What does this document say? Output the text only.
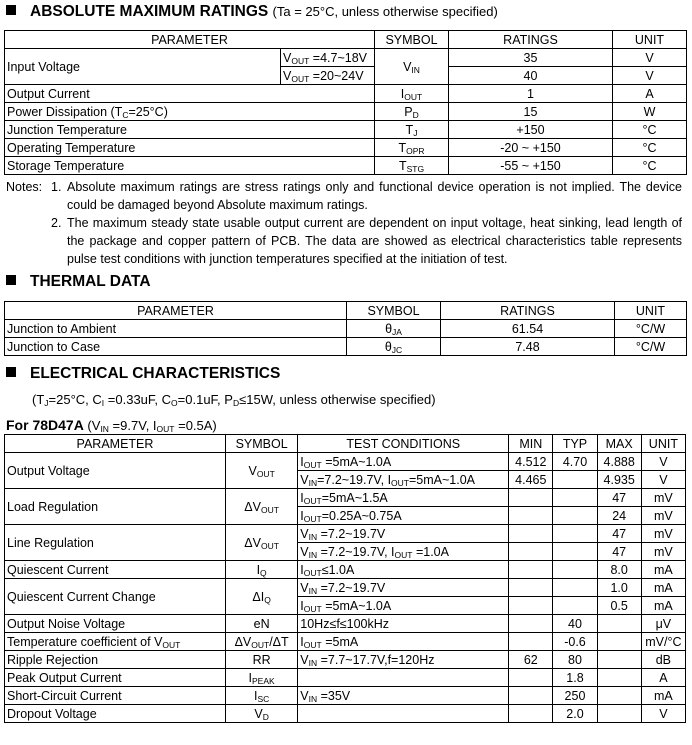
ABSOLUTE MAXIMUM RATINGS (Ta = 25°C, unless otherwise specified)
PARAMETER		SYMBOL	RATINGS	UNIT
Input Voltage	$V_{OUT}$ =4.7~18V	$V_{IN}$	35	V
	$V_{OUT}$ =20~24V		40	V
Output Current		$I_{OUT}$	1	A
Power Dissipation $(T_C=25^\circ C)$		$P_D$	15	W
Junction Temperature		$T_J$	+150	°C
Operating Temperature		$T_{OPR}$	-20 ~ +150	°C
Storage Temperature		$T_{STG}$	-55 ~ +150	°C
Notes: 1. Absolute maximum ratings are stress ratings only and functional device operation is not implied. The device could be damaged beyond Absolute maximum ratings.
2. The maximum steady state usable output current are dependent on input voltage, heat sinking, lead length of the package and copper pattern of PCB. The data are showed as electrical characteristics table represents pulse test conditions with junction temperatures specified at the initiation of test.
THERMAL DATA
PARAMETER	SYMBOL	RATINGS	UNIT
Junction to Ambient	$\theta_{JA}$	61.54	°C/W
Junction to Case	$\theta_{JC}$	7.48	°C/W
ELECTRICAL CHARACTERISTICS
($T_J=25^\circ C$, $C_I =0.33uF$, $C_O=0.1uF$, $P_D\le 15W$, unless otherwise specified)
For 78D47A ($V_{IN} =9.7V$, $I_{OUT} =0.5A$)
PARAMETER	SYMBOL	TEST CONDITIONS	MIN	TYP	MAX	UNIT
Output Voltage	$V_{OUT}$	$I_{OUT}$ =5mA~1.0A	4.512	4.70	4.888	V
		$V_{IN}=7.2\sim 19.7V$, $I_{OUT}=5mA\sim 1.0A$	4.465		4.935	V
Load Regulation	$\Delta V_{OUT}$	$I_{OUT}=5mA\sim 1.5A$			47	mV
		$I_{OUT}=0.25A\sim 0.75A$			24	mV
Line Regulation	$\Delta V_{OUT}$	$V_{IN}$ =7.2~19.7V			47	mV
		$V_{IN}$ =7.2~19.7V, $I_{OUT} =1.0A$			47	mV
Quiescent Current	$I_Q$	$I_{OUT}\le 1.0A$			8.0	mA
Quiescent Current Change	$\Delta I_Q$	$V_{IN}$ =7.2~19.7V			1.0	mA
		$I_{OUT}$ =5mA~1.0A			0.5	mA
Output Noise Voltage	eN	10Hz≤f≤100kHz		40		μV
Temperature coefficient of $V_{OUT}$	$\Delta V_{OUT}/\Delta T$	$I_{OUT} =5mA$		-0.6		mV/°C
Ripple Rejection	RR	$V_{IN}$ =7.7~17.7V,f=120Hz	62	80		dB
Peak Output Current	$I_{PEAK}$			1.8		A
Short-Circuit Current	$I_{SC}$	$V_{IN} =35V$		250		mA
Dropout Voltage	$V_D$			2.0		V
